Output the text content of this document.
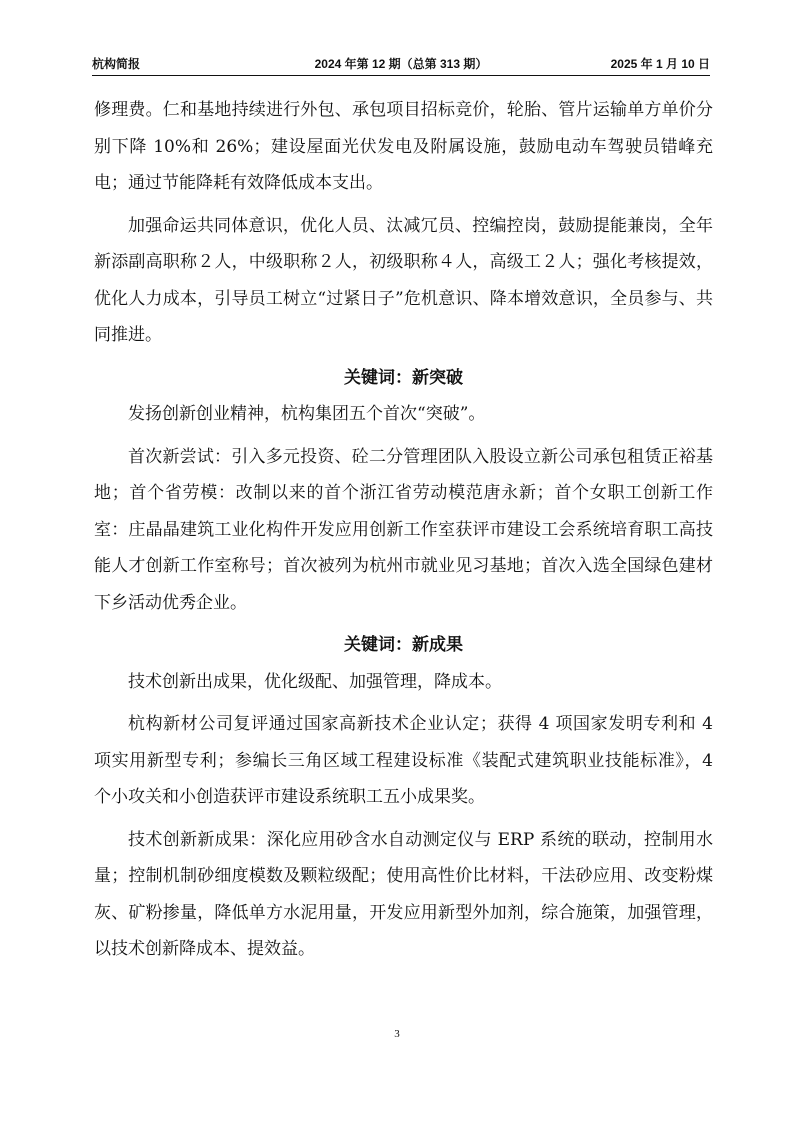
杭构简报	2024 年第 12 期（总第 313 期）	2025 年 1 月 10 日

修理费。仁和基地持续进行外包、承包项目招标竞价，轮胎、管片运输单方单价分别下降 10%和 26%；建设屋面光伏发电及附属设施，鼓励电动车驾驶员错峰充电；通过节能降耗有效降低成本支出。

加强命运共同体意识，优化人员、汰减冗员、控编控岗，鼓励提能兼岗，全年新添副高职称２人，中级职称２人，初级职称４人，高级工２人；强化考核提效，优化人力成本，引导员工树立“过紧日子”危机意识、降本增效意识，全员参与、共同推进。

关键词：新突破

发扬创新创业精神，杭构集团五个首次“突破”。

首次新尝试：引入多元投资、砼二分管理团队入股设立新公司承包租赁正裕基地；首个省劳模：改制以来的首个浙江省劳动模范唐永新；首个女职工创新工作室：庄晶晶建筑工业化构件开发应用创新工作室获评市建设工会系统培育职工高技能人才创新工作室称号；首次被列为杭州市就业见习基地；首次入选全国绿色建材下乡活动优秀企业。

关键词：新成果

技术创新出成果，优化级配、加强管理，降成本。

杭构新材公司复评通过国家高新技术企业认定；获得 4 项国家发明专利和 4 项实用新型专利；参编长三角区域工程建设标准《装配式建筑职业技能标准》，4 个小攻关和小创造获评市建设系统职工五小成果奖。

技术创新新成果：深化应用砂含水自动测定仪与 ERP 系统的联动，控制用水量；控制机制砂细度模数及颗粒级配；使用高性价比材料，干法砂应用、改变粉煤灰、矿粉掺量，降低单方水泥用量，开发应用新型外加剂，综合施策，加强管理，以技术创新降成本、提效益。

3
